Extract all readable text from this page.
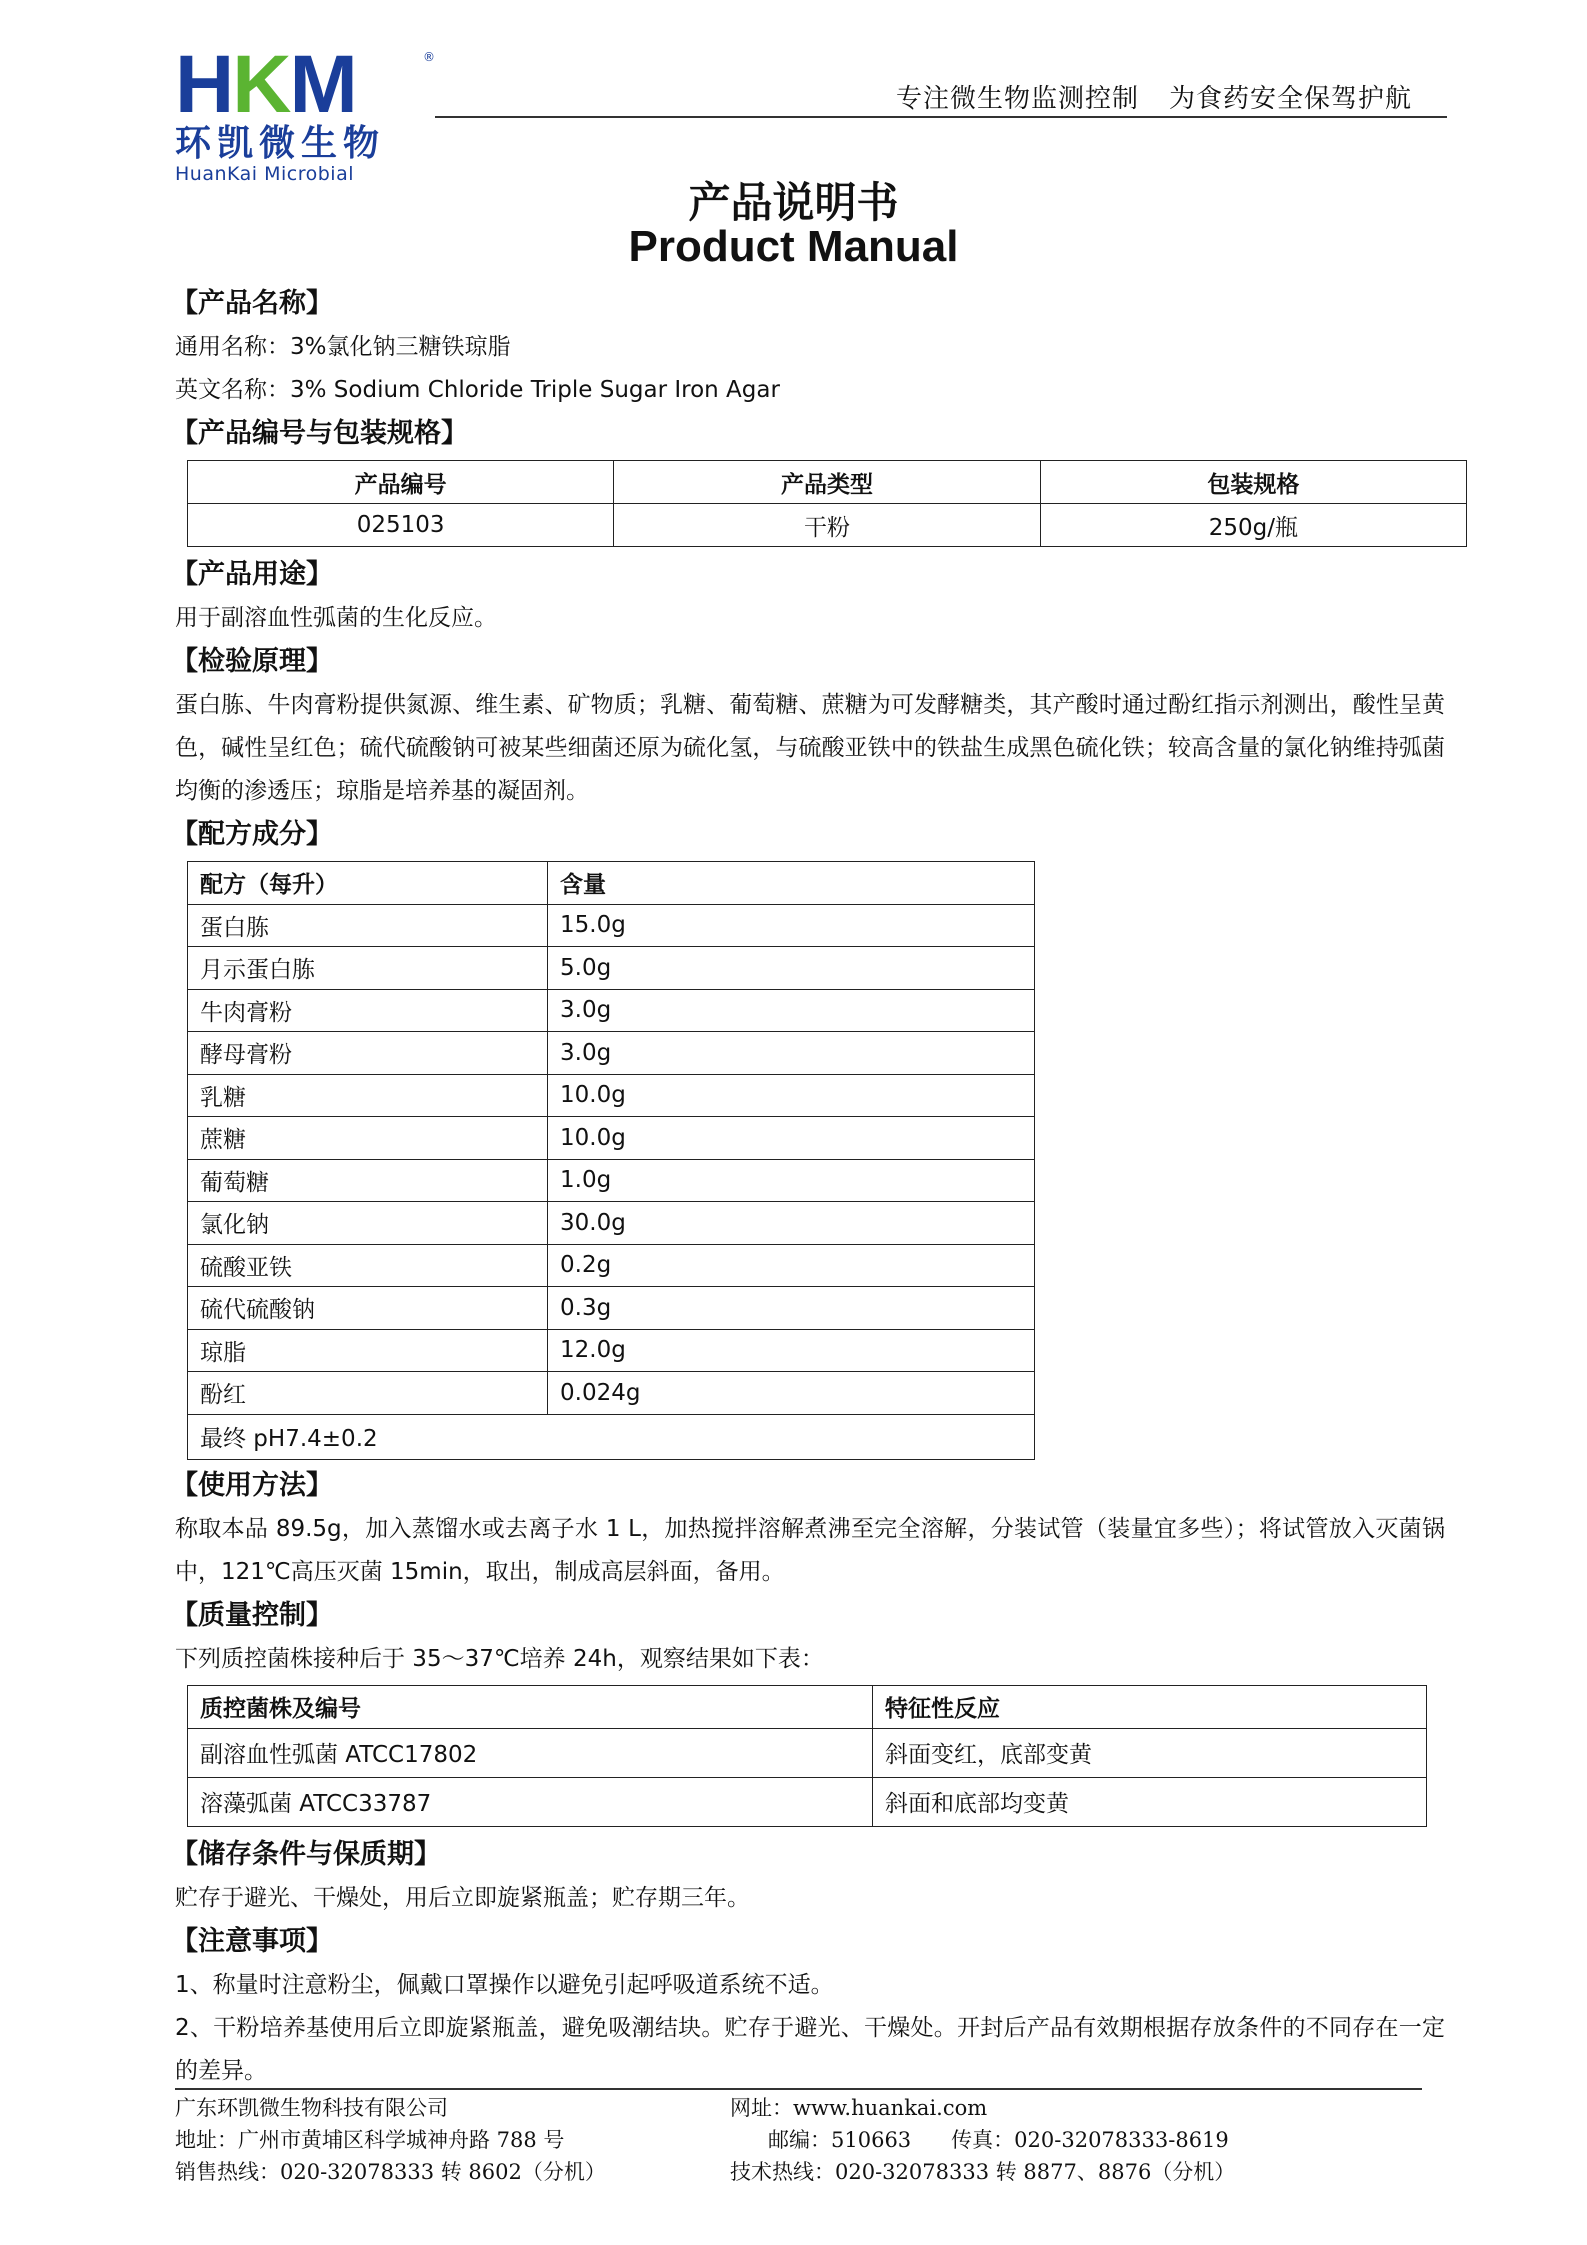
HKM	®
环凯微生物
HuanKai Microbial
专注微生物监测控制 为食药安全保驾护航
产品说明书
Product Manual
【产品名称】
通用名称：3%氯化钠三糖铁琼脂
英文名称：3% Sodium Chloride Triple Sugar Iron Agar
【产品编号与包装规格】
产品编号	产品类型	包装规格
025103	干粉	250g/瓶
【产品用途】
用于副溶血性弧菌的生化反应。
【检验原理】
蛋白胨、牛肉膏粉提供氮源、维生素、矿物质；乳糖、葡萄糖、蔗糖为可发酵糖类，其产酸时通过酚红指示剂测出，酸性呈黄色，碱性呈红色；硫代硫酸钠可被某些细菌还原为硫化氢，与硫酸亚铁中的铁盐生成黑色硫化铁；较高含量的氯化钠维持弧菌均衡的渗透压；琼脂是培养基的凝固剂。
【配方成分】
配方（每升）	含量
蛋白胨	15.0g
月示蛋白胨	5.0g
牛肉膏粉	3.0g
酵母膏粉	3.0g
乳糖	10.0g
蔗糖	10.0g
葡萄糖	1.0g
氯化钠	30.0g
硫酸亚铁	0.2g
硫代硫酸钠	0.3g
琼脂	12.0g
酚红	0.024g
最终 pH7.4±0.2	
【使用方法】
称取本品 89.5g，加入蒸馏水或去离子水 1 L，加热搅拌溶解煮沸至完全溶解，分装试管（装量宜多些）；将试管放入灭菌锅中，121℃高压灭菌 15min，取出，制成高层斜面，备用。
【质量控制】
下列质控菌株接种后于 35～37℃培养 24h，观察结果如下表：
质控菌株及编号	特征性反应
副溶血性弧菌 ATCC17802	斜面变红，底部变黄
溶藻弧菌 ATCC33787	斜面和底部均变黄
【储存条件与保质期】
贮存于避光、干燥处，用后立即旋紧瓶盖；贮存期三年。
【注意事项】
1、称量时注意粉尘，佩戴口罩操作以避免引起呼吸道系统不适。
2、干粉培养基使用后立即旋紧瓶盖，避免吸潮结块。贮存于避光、干燥处。开封后产品有效期根据存放条件的不同存在一定的差异。
广东环凯微生物科技有限公司	网址：www.huankai.com
地址：广州市黄埔区科学城神舟路 788 号	邮编：510663 传真：020-32078333-8619
销售热线：020-32078333 转 8602（分机）	技术热线：020-32078333 转 8877、8876（分机）
